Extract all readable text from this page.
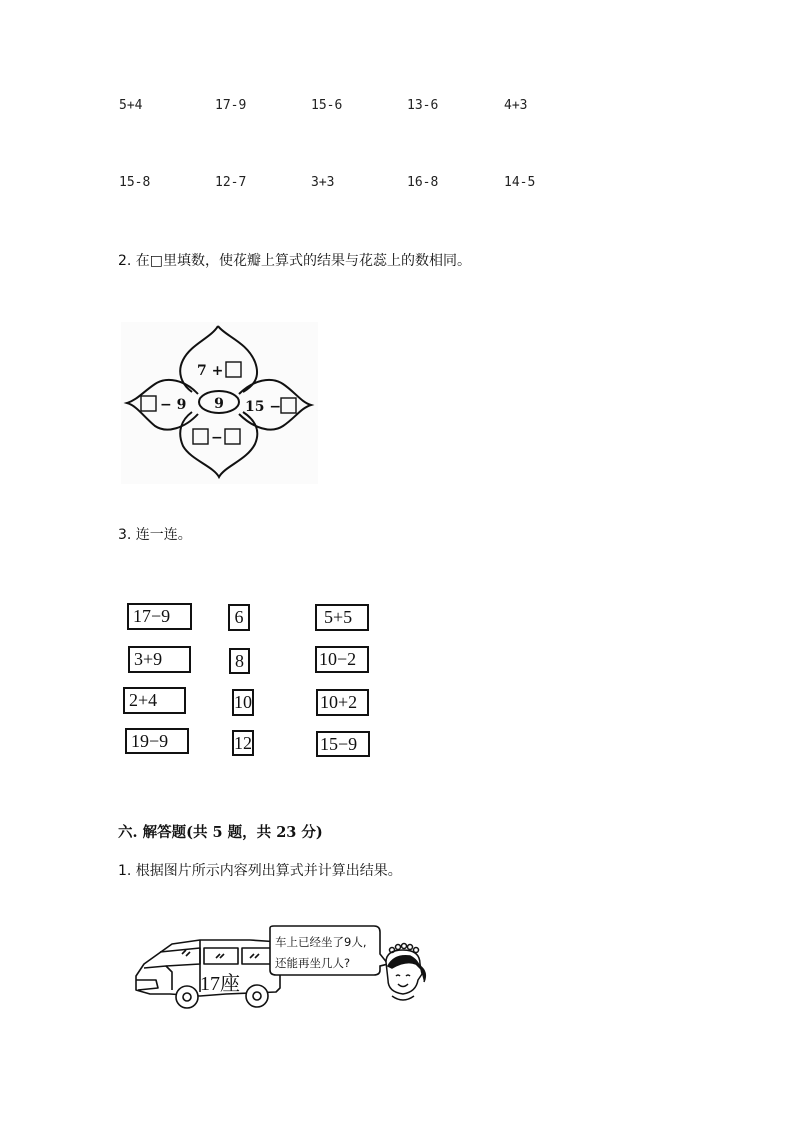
5+4	17-9	15-6	13-6	4+3
15-8	12-7	3+3	16-8	14-5
2. 在□里填数，使花瓣上算式的结果与花蕊上的数相同。
9
7 +
− 9	15 −
−
3. 连一连。
17−9
3+9
2+4
19−9
6
8
10
12
5+5
10−2
10+2
15−9
六. 解答题(共 5 题，共 23 分)
1. 根据图片所示内容列出算式并计算出结果。
17座
车上已经坐了9人,
还能再坐几人?
